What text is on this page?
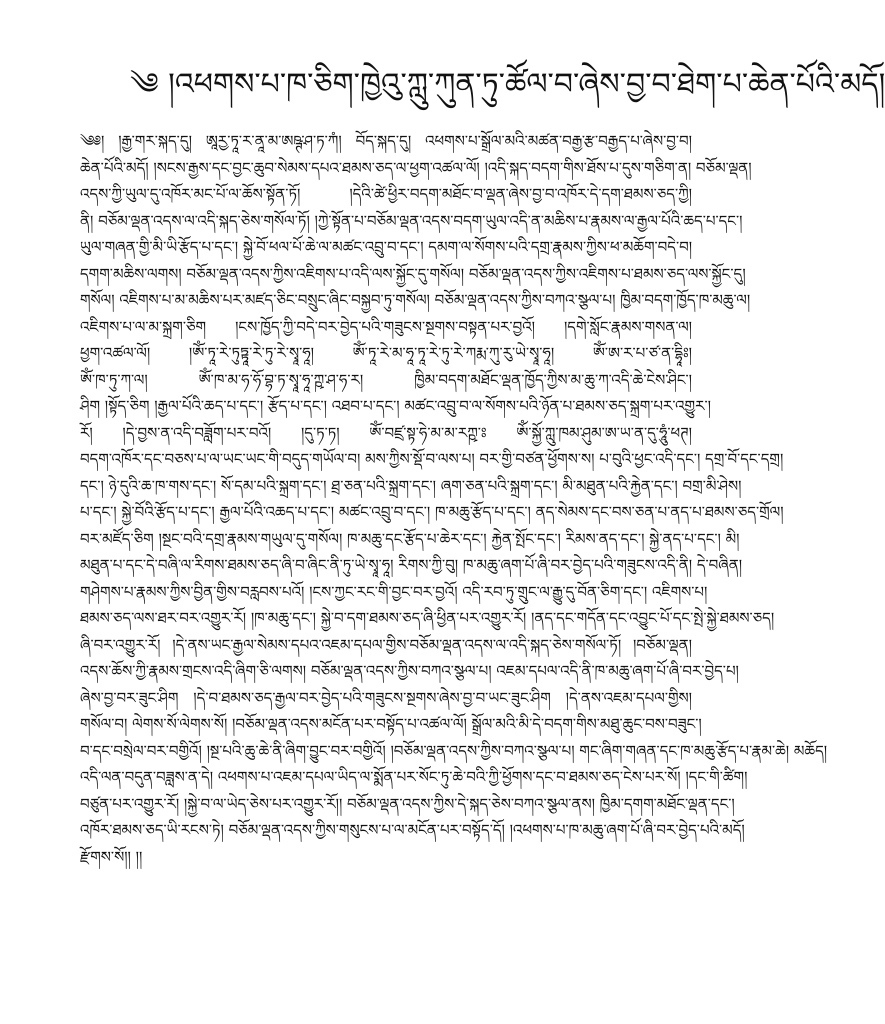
༄ །འཕགས་པ་ཁ་ཅིག་ཁྱེའུ་ཀླུ་ཀུན་ཏུ་ཚོལ་བ་ཞེས་བྱ་བ་ཐེག་པ་ཆེན་པོའི་མདོ།
༄༅། །རྒྱ་གར་སྐད་དུ། ཨཱརྱ་ཏཱ་ར་ནཱ་མ་ཨཥྚ་ཤ་ཏ་ཀཾ། བོད་སྐད་དུ། འཕགས་པ་སྒྲོལ་མའི་མཚན་བརྒྱ་རྩ་བརྒྱད་པ་ཞེས་བྱ་བ།
ཆེན་པོའི་མདོ། །སངས་རྒྱས་དང་བྱང་ཆུབ་སེམས་དཔའ་ཐམས་ཅད་ལ་ཕྱག་འཚལ་ལོ། །འདི་སྐད་བདག་གིས་ཐོས་པ་དུས་གཅིག་ན། བཅོམ་ལྡན།
འདས་ཀྱི་ཡུལ་དུ་འཁོར་མང་པོ་ལ་ཆོས་སྟོན་ཏོ། །དེའི་ཚེ་ཕྱིར་བདག་མཐོང་བ་ལྡན་ཞེས་བྱ་བ་འཁོར་དེ་དག་ཐམས་ཅད་ཀྱི།
ནི། བཅོམ་ལྡན་འདས་ལ་འདི་སྐད་ཅེས་གསོལ་ཏོ། །ཀྱེ་སྟོན་པ་བཅོམ་ལྡན་འདས་བདག་ཡུལ་འདི་ན་མཆིས་པ་རྣམས་ལ་རྒྱལ་པོའི་ཆད་པ་དང་།
ཡུལ་གཞན་གྱི་མི་ཡི་རྩོད་པ་དང་། སྐྱེ་བོ་ཕལ་པོ་ཆེ་ལ་མཚང་འབྲུ་བ་དང་། དམག་ལ་སོགས་པའི་དགྲ་རྣམས་ཀྱིས་ཕ་མཆོག་བདེ་བ།
དགག་མཆིས་ལགས། བཅོམ་ལྡན་འདས་ཀྱིས་འཇིགས་པ་འདི་ལས་སྐྱོང་དུ་གསོལ། བཅོམ་ལྡན་འདས་ཀྱིས་འཇིགས་པ་ཐམས་ཅད་ལས་སྐྱོང་དུ།
གསོལ། འཇིགས་པ་མ་མཆིས་པར་མཛད་ཅིང་བསྲུང་ཞིང་བསྐྱབ་ཏུ་གསོལ། བཅོམ་ལྡན་འདས་ཀྱིས་བཀའ་སྩལ་པ། ཁྱིམ་བདག་ཁྱོད་ཁ་མཆུ་ལ།
འཇིགས་པ་ལ་མ་སྐྲག་ཅིག །ངས་ཁྱོད་ཀྱི་བདེ་བར་བྱེད་པའི་གཟུངས་སྔགས་བསྟན་པར་བྱའོ། །དགེ་སློང་རྣམས་གསན་ལ།
ཕྱག་འཚལ་ལོ། །ཨོཾ་ཏཱ་རེ་ཏུཏྟཱ་རེ་ཏུ་རེ་སྭཱ་ཧཱ། ཨོཾ་ཏཱ་རེ་མ་ཧཱ་ཏཱ་རེ་ཏུ་རེ་ཀརྨ་ཀུ་རུ་ཡེ་སྭཱ་ཧཱ། ཨོཾ་ཨ་ར་པ་ཙ་ན་དྷཱིཿ།
ཨོཾ་ཁ་ཏུ་ཀ་ལ། ཨོཾ་ཁ་མ་ཧ་ཧོ་བྷ་ཏ་སྭཱ་ཧཱ་ཀྵ་ཤ་ཧ་ར། ཁྱིམ་བདག་མཐོང་ལྡན་ཁྱོད་ཀྱིས་མ་ཆུ་ཀ་འདི་ཆེ་ངེས་ཤིང་།
ཤིག །སྟོད་ཅིག །རྒྱལ་པོའི་ཆད་པ་དང་། རྩོད་པ་དང་། འཐབ་པ་དང་། མཚང་འབྲུ་བ་ལ་སོགས་པའི་ཉོན་པ་ཐམས་ཅད་སྐྲག་པར་འགྱུར་།
རོ། །དེ་བྱས་ན་འདི་བཟློག་པར་བའོ། །དུ་ཏ་ཏ། ཨོཾ་བཛྲ་སྟ་ཧེ་མ་མ་རཀྵ་ཿ ཨོཾ་སྐྱོ་ཀླུ་ཁམ་ཤུམ་ཨ་ཡ་ན་དུ་ཧཱུཾ་ཕཊ།
བདག་འཁོར་དང་བཅས་པ་ལ་ཡང་ཡང་གི་བདུད་གཡོལ་བ། མས་ཀྱིས་སྡོ་བ་ལས་པ། བར་གྱི་བཙན་ཕྱོགས་ས། པ་བུའི་ཕྱང་འདི་དང་། དགྲ་བོ་དང་དགྲ།
དང་། ཉེ་དུའི་ཆ་ཁ་གས་དང་། སོ་དམ་པའི་སྐྲག་དང་། ཐྲ་ཅན་པའི་སྐྲག་དང་། ཞག་ཅན་པའི་སྐྲག་དང་། མི་མཐུན་པའི་རྐྱེན་དང་། བགྲ་མི་ཤེས།
པ་དང་། སྐྱེ་བོའི་རྩོད་པ་དང་། རྒྱལ་པོའི་འཆད་པ་དང་། མཚང་འབྲུ་བ་དང་། ཁ་མཆུ་རྩོད་པ་དང་། ནད་སེམས་དང་བས་ཅན་པ་ནད་པ་ཐམས་ཅད་གྲོལ།
བར་མཛོད་ཅིག །སྔང་བའི་དགྲ་རྣམས་གཡུལ་དུ་གསོལ། ཁ་མཆུ་དང་རྩོད་པ་ཆེར་དང་། རྐྱེན་སྤོང་དང་། རིམས་ནད་དང་། སྐྱེ་ནད་པ་དང་། མི།
མཐུན་པ་དང་དེ་བཞི་ལ་རིགས་ཐམས་ཅད་ཞི་བ་ཞིང་ནི་ཏུ་ཡེ་སྭཱ་ཧཱ། རིགས་ཀྱི་བུ། ཁ་མཆུ་ཞག་པོ་ཞི་བར་བྱེད་པའི་གཟུངས་འདི་ནི། དེ་བཞིན།
གཤེགས་པ་རྣམས་ཀྱིས་བྱིན་གྱིས་བརླབས་པའོ། །ངས་ཀྱང་རང་གི་བྱང་བར་བྱའོ། འདི་རབ་ཏུ་གྲུང་ལ་རྒྱུ་དུ་བོན་ཅིག་དང་། འཇིགས་པ།
ཐམས་ཅད་ལས་ཐར་བར་འགྱུར་རོ། །ཁ་མཆུ་དང་། སྐྱེ་བ་དག་ཐམས་ཅད་ཞི་ཕྱིན་པར་འགྱུར་རོ། །ནད་དང་གདོན་དང་འབྱུང་པོ་དང་སྤེ་སྐྱེ་ཐམས་ཅད།
ཞི་བར་འགྱུར་རོ། །དེ་ནས་ཡང་རྒྱལ་སེམས་དཔའ་འཇམ་དཔལ་གྱིས་བཅོམ་ལྡན་འདས་ལ་འདི་སྐད་ཅེས་གསོལ་ཏོ། །བཅོམ་ལྡན།
འདས་ཆོས་ཀྱི་རྣམས་གྲངས་འདི་ཞིག་ཅི་ལགས། བཅོམ་ལྡན་འདས་ཀྱིས་བཀའ་སྩལ་པ། འཇམ་དཔལ་འདི་ནི་ཁ་མཆུ་ཞག་པོ་ཞི་བར་བྱེད་པ།
ཞེས་བྱ་བར་ཟུང་ཤིག །དེ་བ་ཐམས་ཅད་རྒྱལ་བར་བྱེད་པའི་གཟུངས་སྔགས་ཞེས་བྱ་བ་ཡང་ཟུང་ཤིག །དེ་ནས་འཇམ་དཔལ་གྱིས།
གསོལ་བ། ལེགས་སོ་ལེགས་སོ། །བཅོམ་ལྡན་འདས་མངོན་པར་བསྟོད་པ་འཚལ་ལོ། སྒྲོལ་མའི་མི་དེ་བདག་གིས་མཐུ་ཆུང་བས་བཟུང་།
བ་དང་བསྲེལ་བར་བགྱིའོ། །སྔ་པའི་ཆུ་ཆེ་ནི་ཞིག་བྱུང་བར་བགྱིའོ། །བཅོམ་ལྡན་འདས་ཀྱིས་བཀའ་སྩལ་པ། གང་ཞིག་གཞན་དང་ཁ་མཆུ་རྩོད་པ་རྣམ་ཆེ། མཆོད།
འདི་ལན་བདུན་བཟླས་ན་དེ། འཕགས་པ་འཇམ་དཔལ་ཡིད་ལ་སྨོན་པར་སོང་ཏུ་ཆེ་བའི་ཀྱི་ཕྱོགས་དང་བ་ཐམས་ཅད་ངེས་པར་སོ། །དང་གི་ཚིག།
བཙུན་པར་འགྱུར་རོ། །སྐྱེ་བ་ལ་ཡེད་ཅེས་པར་འགྱུར་རོ།། བཅོམ་ལྡན་འདས་ཀྱིས་དེ་སྐད་ཅེས་བཀའ་སྩལ་ནས། ཁྱིམ་དགག་མཐོང་ལྡན་དང་།
འཁོར་ཐམས་ཅད་ཡི་རངས་ཏེ། བཅོམ་ལྡན་འདས་ཀྱིས་གསུངས་པ་ལ་མངོན་པར་བསྟོད་དོ། །འཕགས་པ་ཁ་མཆུ་ཞག་པོ་ཞི་བར་བྱེད་པའི་མདོ།
རྫོགས་སོ།། །།
